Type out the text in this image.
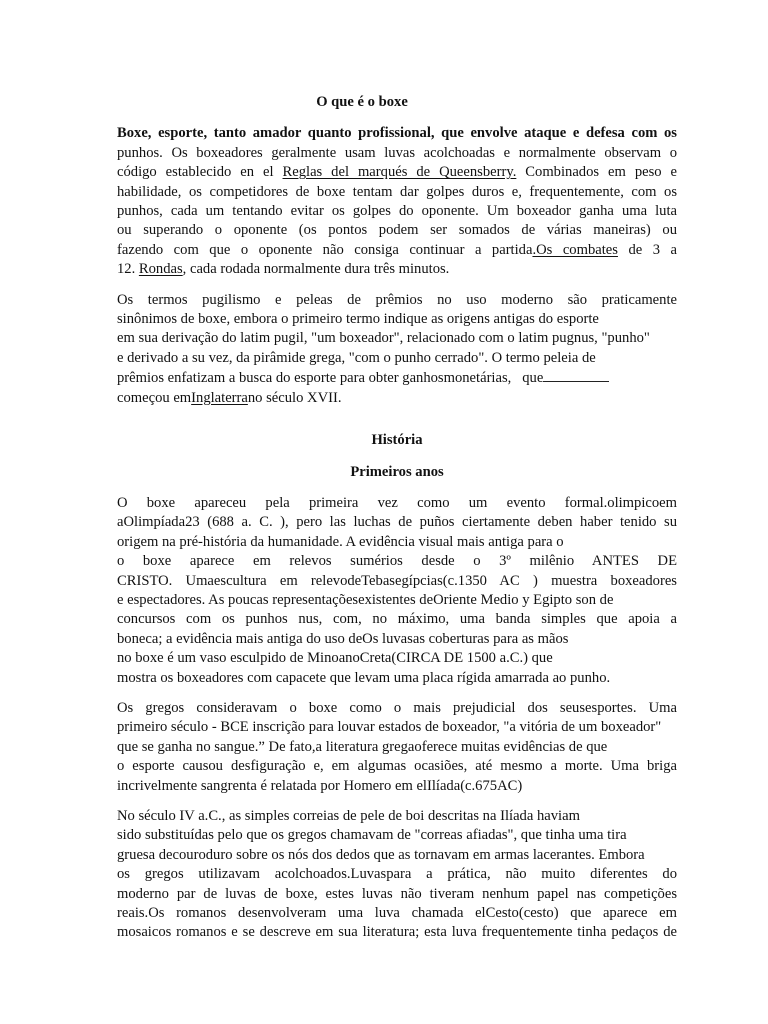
O que é o boxe
Boxe, esporte, tanto amador quanto profissional, que envolve ataque e defesa com os
punhos. Os boxeadores geralmente usam luvas acolchoadas e normalmente observam o
código establecido en el Reglas del marqués de Queensberry. Combinados em peso e
habilidade, os competidores de boxe tentam dar golpes duros e, frequentemente, com os
punhos, cada um tentando evitar os golpes do oponente. Um boxeador ganha uma luta
ou superando o oponente (os pontos podem ser somados de várias maneiras) ou
fazendo com que o oponente não consiga continuar a partida.Os combates de 3 a
12. Rondas, cada rodada normalmente dura três minutos.
Os termos pugilismo e peleas de prêmios no uso moderno são praticamente
sinônimos de boxe, embora o primeiro termo indique as origens antigas do esporte
em sua derivação do latim pugil, "um boxeador", relacionado com o latim pugnus, "punho"
e derivado a su vez, da pirâmide grega, "com o punho cerrado". O termo peleia de
prêmios enfatizam a busca do esporte para obter ganhosmonetárias,   que
começou emInglaterrano século XVII.
História
Primeiros anos
O boxe apareceu pela primeira vez como um evento formal.olimpicoem
aOlimpíada23 (688 a. C. ), pero las luchas de puños ciertamente deben haber tenido su
origem na pré-história da humanidade. A evidência visual mais antiga para o
o boxe aparece em relevos sumérios desde o 3º milênio ANTES DE
CRISTO. Umaescultura em relevodeTebasegípcias(c.1350 AC ) muestra boxeadores
e espectadores. As poucas representaçõesexistentes deOriente Medio y Egipto son de
concursos com os punhos nus, com, no máximo, uma banda simples que apoia a
boneca; a evidência mais antiga do uso deOs luvasas coberturas para as mãos
no boxe é um vaso esculpido de MinoanoCreta(CIRCA DE 1500 a.C.) que
mostra os boxeadores com capacete que levam uma placa rígida amarrada ao punho.
Os gregos consideravam o boxe como o mais prejudicial dos seusesportes. Uma
primeiro século - BCE inscrição para louvar estados de boxeador, "a vitória de um boxeador"
que se ganha no sangue.” De fato,a literatura gregaoferece muitas evidências de que
o esporte causou desfiguração e, em algumas ocasiões, até mesmo a morte. Uma briga
incrivelmente sangrenta é relatada por Homero em elIlíada(c.675AC)
No século IV a.C., as simples correias de pele de boi descritas na Ilíada haviam
sido substituídas pelo que os gregos chamavam de "correas afiadas", que tinha uma tira
gruesa decouroduro sobre os nós dos dedos que as tornavam em armas lacerantes. Embora
os gregos utilizavam acolchoados.Luvaspara a prática, não muito diferentes do
moderno par de luvas de boxe, estes luvas não tiveram nenhum papel nas competições
reais.Os romanos desenvolveram uma luva chamada elCesto(cesto) que aparece em
mosaicos romanos e se descreve em sua literatura; esta luva frequentemente tinha pedaços de
